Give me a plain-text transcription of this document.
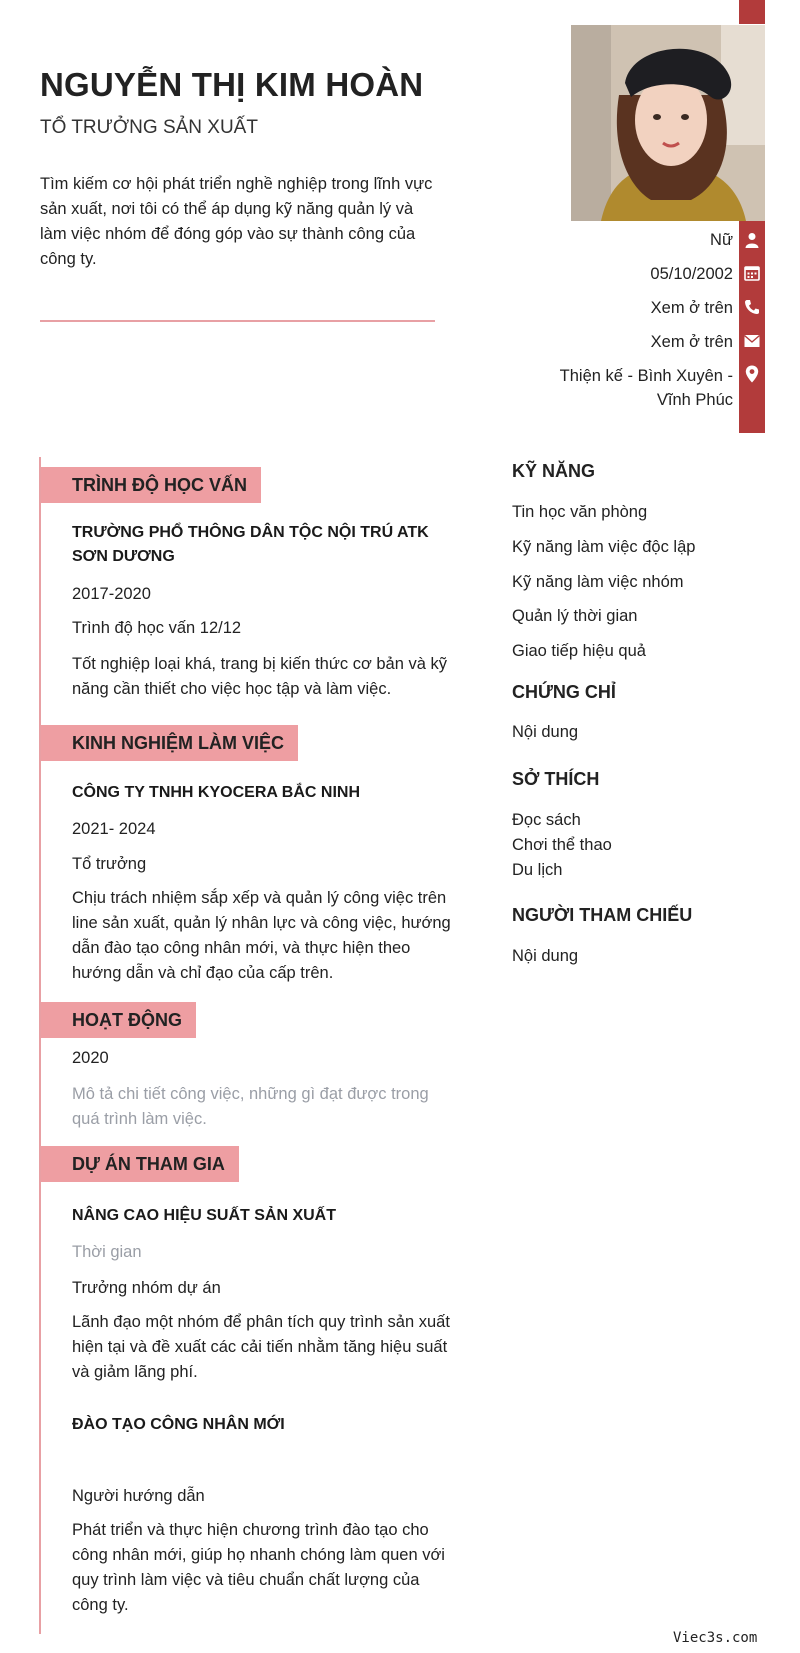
NGUYỄN THỊ KIM HOÀN
TỔ TRƯỞNG SẢN XUẤT
Tìm kiếm cơ hội phát triển nghề nghiệp trong lĩnh vực sản xuất, nơi tôi có thể áp dụng kỹ năng quản lý và làm việc nhóm để đóng góp vào sự thành công của công ty.
Nữ
05/10/2002
Xem ở trên
Xem ở trên
Thiện kế - Bình Xuyên -
Vĩnh Phúc
TRÌNH ĐỘ HỌC VẤN
TRƯỜNG PHỔ THÔNG DÂN TỘC NỘI TRÚ ATK
SƠN DƯƠNG
2017-2020
Trình độ học vấn 12/12
Tốt nghiệp loại khá, trang bị kiến thức cơ bản và kỹ năng cần thiết cho việc học tập và làm việc.
KINH NGHIỆM LÀM VIỆC
CÔNG TY TNHH KYOCERA BẮC NINH
2021- 2024
Tổ trưởng
Chịu trách nhiệm sắp xếp và quản lý công việc trên line sản xuất, quản lý nhân lực và công việc, hướng dẫn đào tạo công nhân mới, và thực hiện theo hướng dẫn và chỉ đạo của cấp trên.
HOẠT ĐỘNG
2020
Mô tả chi tiết công việc, những gì đạt được trong quá trình làm việc.
DỰ ÁN THAM GIA
NÂNG CAO HIỆU SUẤT SẢN XUẤT
Thời gian
Trưởng nhóm dự án
Lãnh đạo một nhóm để phân tích quy trình sản xuất hiện tại và đề xuất các cải tiến nhằm tăng hiệu suất và giảm lãng phí.
ĐÀO TẠO CÔNG NHÂN MỚI
Người hướng dẫn
Phát triển và thực hiện chương trình đào tạo cho công nhân mới, giúp họ nhanh chóng làm quen với quy trình làm việc và tiêu chuẩn chất lượng của công ty.
KỸ NĂNG
Tin học văn phòng
Kỹ năng làm việc độc lập
Kỹ năng làm việc nhóm
Quản lý thời gian
Giao tiếp hiệu quả
CHỨNG CHỈ
Nội dung
SỞ THÍCH
Đọc sách
Chơi thể thao
Du lịch
NGƯỜI THAM CHIẾU
Nội dung
Viec3s.com
